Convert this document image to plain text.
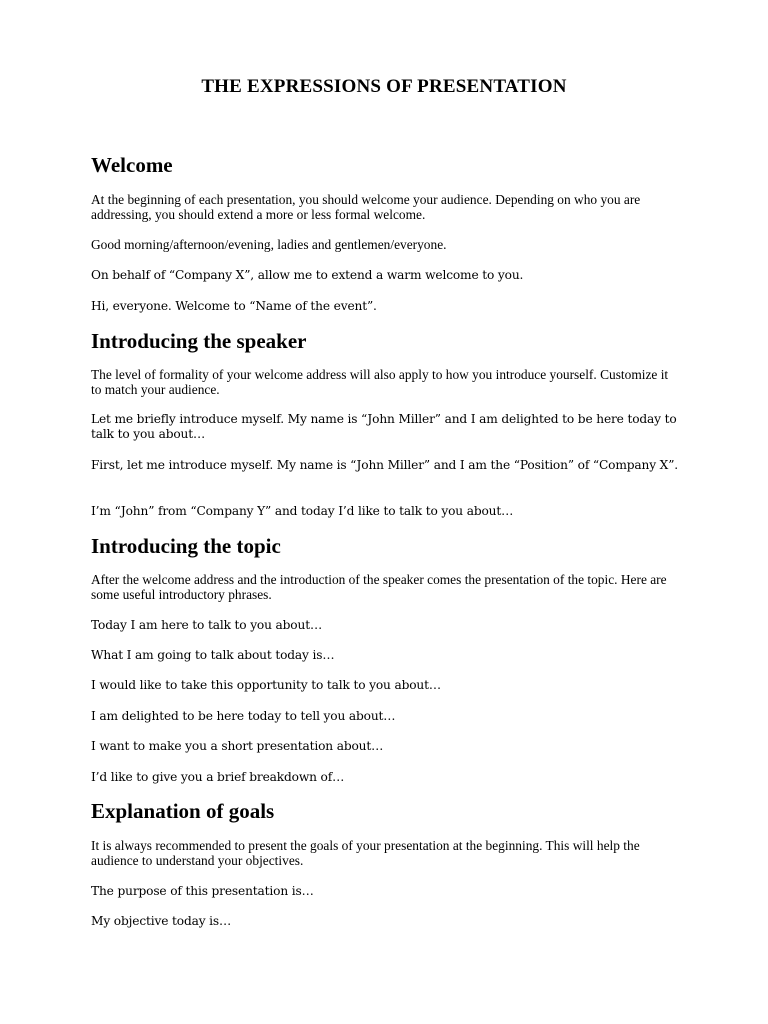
THE EXPRESSIONS OF PRESENTATION
Welcome
At the beginning of each presentation, you should welcome your audience. Depending on who you are addressing, you should extend a more or less formal welcome.
Good morning/afternoon/evening, ladies and gentlemen/everyone.
On behalf of “Company X”, allow me to extend a warm welcome to you.
Hi, everyone. Welcome to “Name of the event”.
Introducing the speaker
The level of formality of your welcome address will also apply to how you introduce yourself. Customize it to match your audience.
Let me briefly introduce myself. My name is “John Miller” and I am delighted to be here today to talk to you about…
First, let me introduce myself. My name is “John Miller” and I am the “Position” of “Company X”.
I’m “John” from “Company Y” and today I’d like to talk to you about…
Introducing the topic
After the welcome address and the introduction of the speaker comes the presentation of the topic. Here are some useful introductory phrases.
Today I am here to talk to you about…
What I am going to talk about today is…
I would like to take this opportunity to talk to you about…
I am delighted to be here today to tell you about…
I want to make you a short presentation about…
I’d like to give you a brief breakdown of…
Explanation of goals
It is always recommended to present the goals of your presentation at the beginning. This will help the audience to understand your objectives.
The purpose of this presentation is…
My objective today is…
